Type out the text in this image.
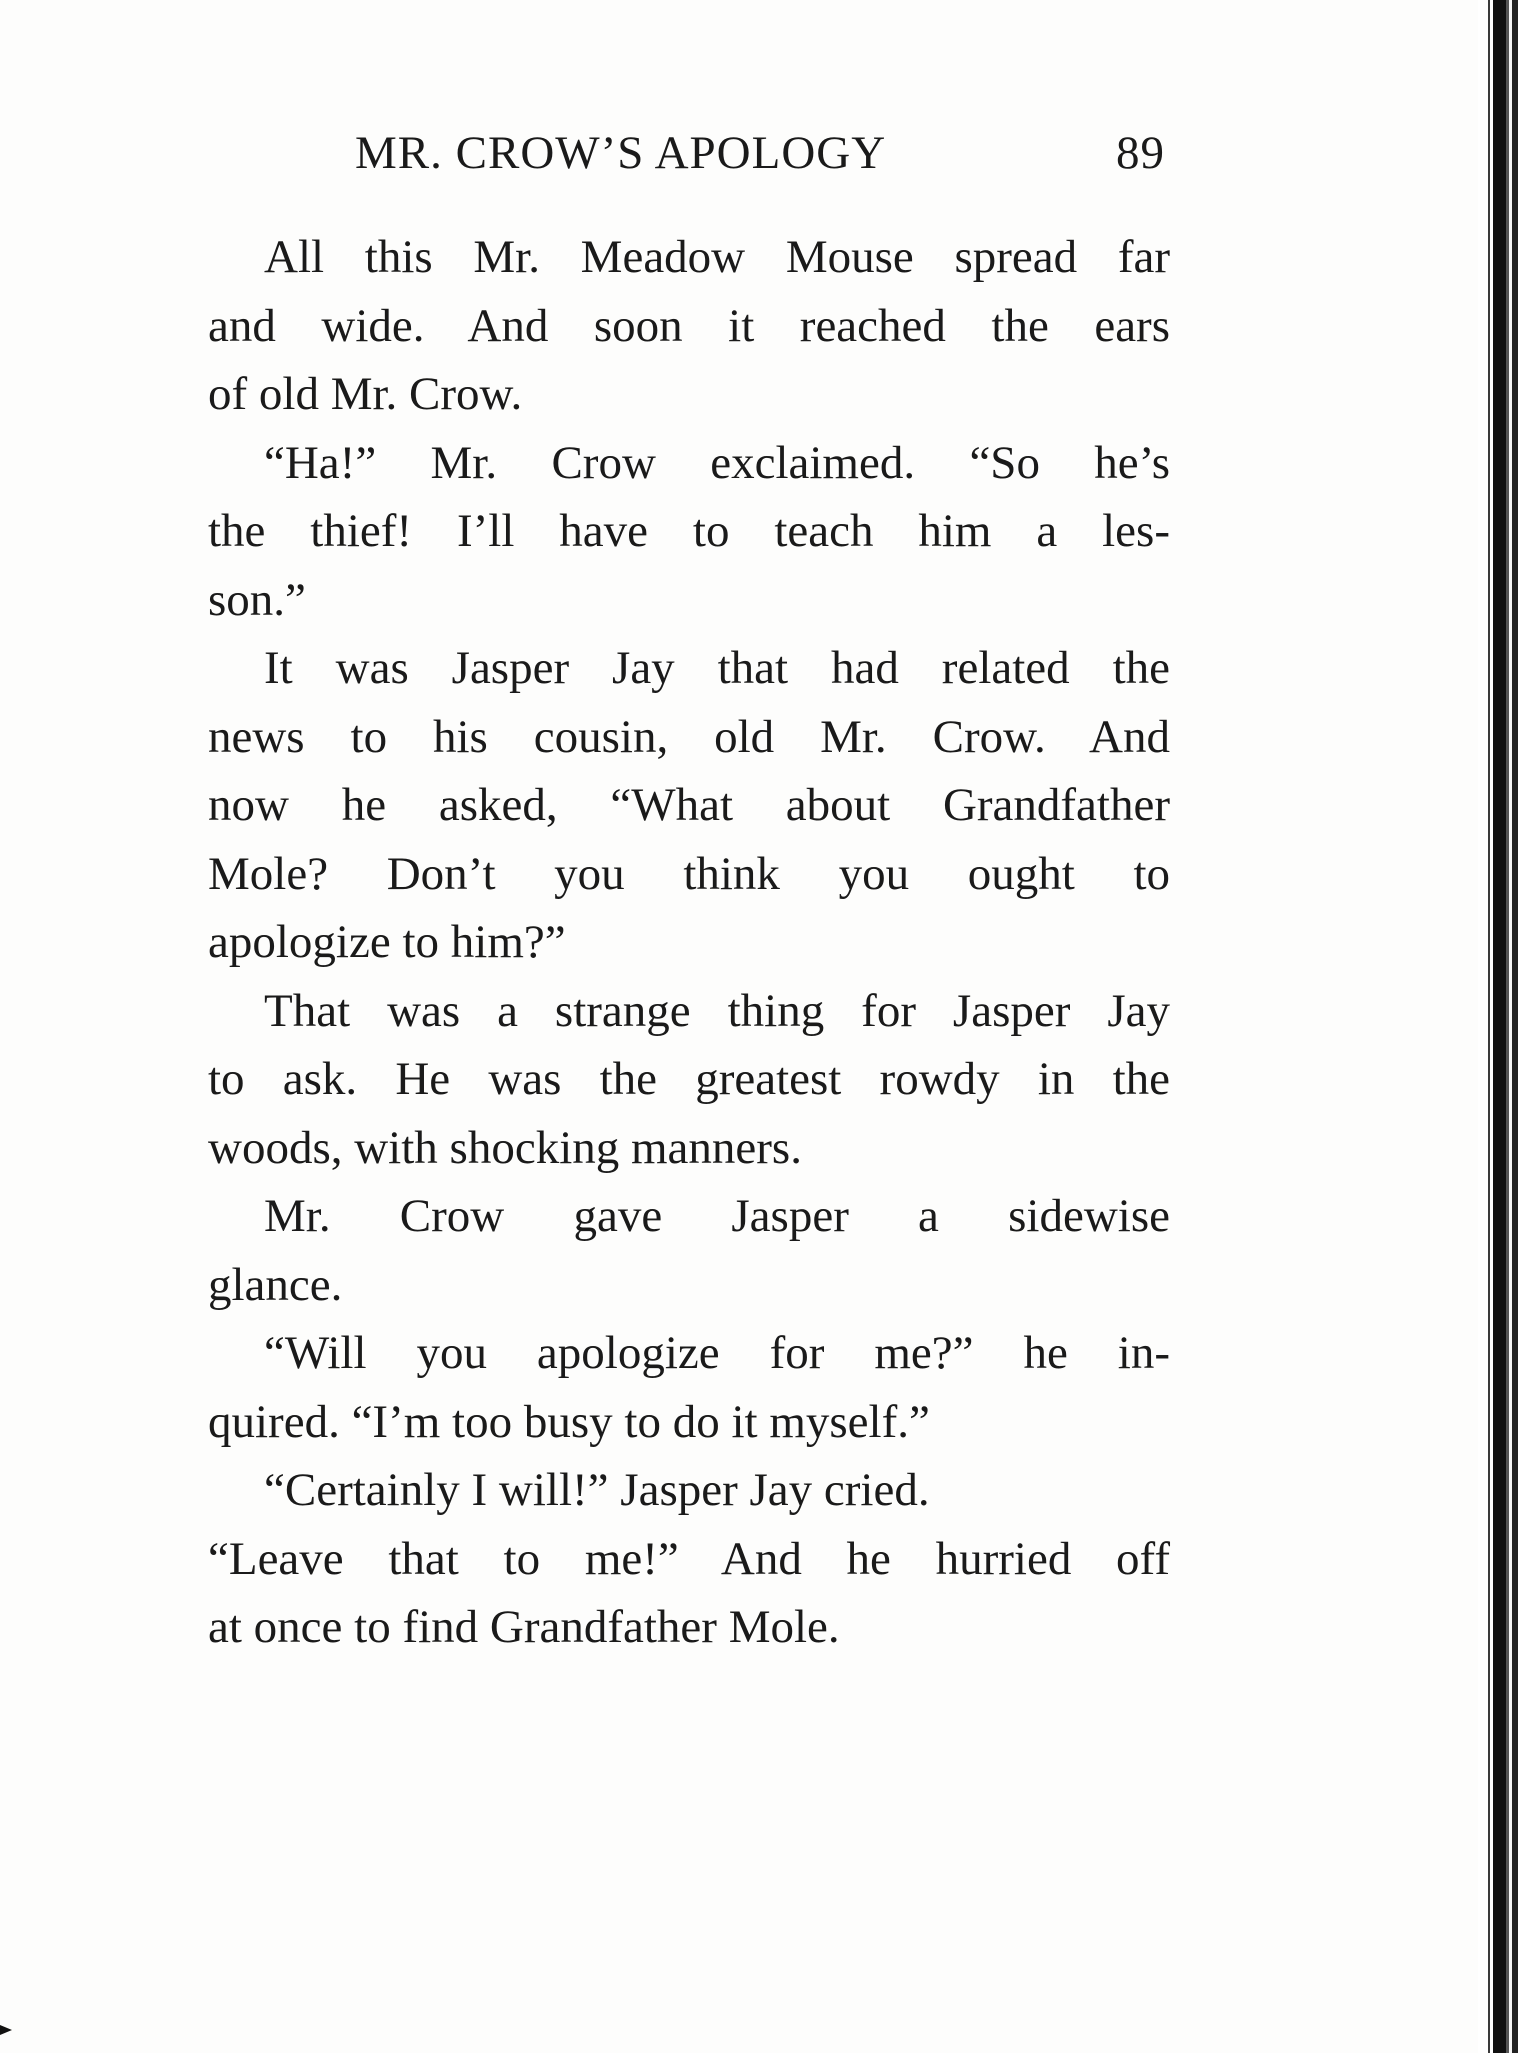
MR. CROW’S APOLOGY	89
All this Mr. Meadow Mouse spread far
and wide. And soon it reached the ears
of old Mr. Crow.
“Ha!” Mr. Crow exclaimed. “So he’s
the thief! I’ll have to teach him a les-
son.”
It was Jasper Jay that had related the
news to his cousin, old Mr. Crow. And
now he asked, “What about Grandfather
Mole? Don’t you think you ought to
apologize to him?”
That was a strange thing for Jasper Jay
to ask. He was the greatest rowdy in the
woods, with shocking manners.
Mr. Crow gave Jasper a sidewise
glance.
“Will you apologize for me?” he in-
quired. “I’m too busy to do it myself.”
“Certainly I will!” Jasper Jay cried.
“Leave that to me!” And he hurried off
at once to find Grandfather Mole.
